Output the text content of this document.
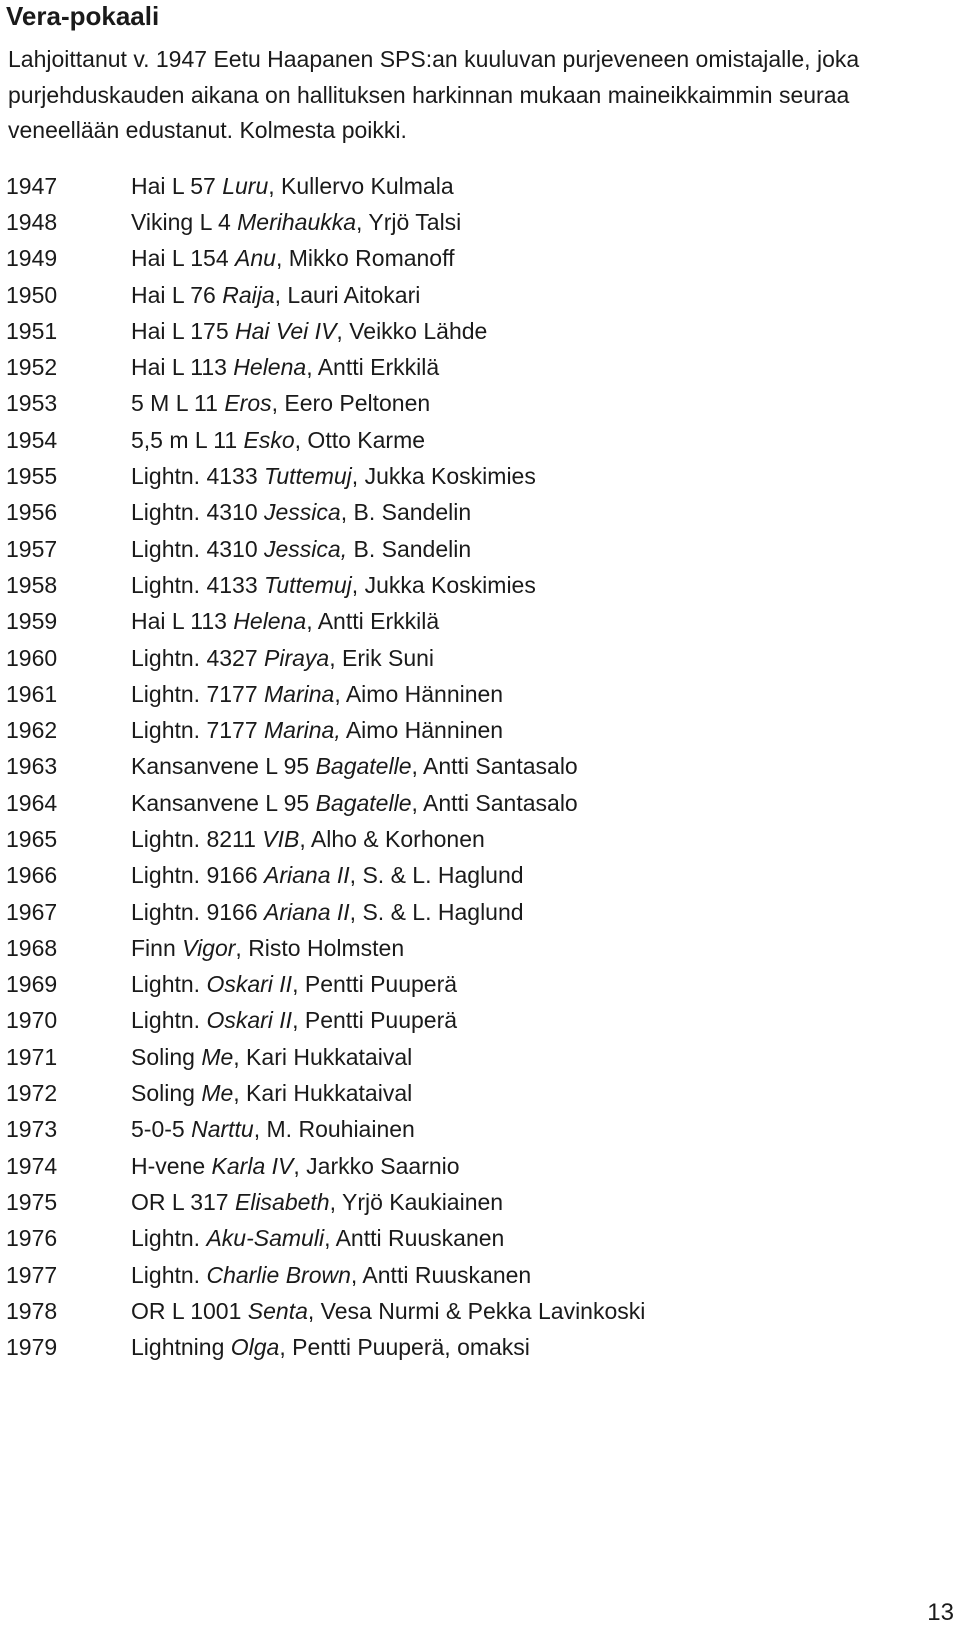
Vera-pokaali

Lahjoittanut v. 1947 Eetu Haapanen SPS:an kuuluvan purjeveneen omistajalle, joka purjehduskauden aikana on hallituksen harkinnan mukaan maineikkaimmin seuraa veneellään edustanut. Kolmesta poikki.

1947	Hai L 57 Luru, Kullervo Kulmala
1948	Viking L 4 Merihaukka, Yrjö Talsi
1949	Hai L 154 Anu, Mikko Romanoff
1950	Hai L 76 Raija, Lauri Aitokari
1951	Hai L 175 Hai Vei IV, Veikko Lähde
1952	Hai L 113 Helena, Antti Erkkilä
1953	5 M L 11 Eros, Eero Peltonen
1954	5,5 m L 11 Esko, Otto Karme
1955	Lightn. 4133 Tuttemuj, Jukka Koskimies
1956	Lightn. 4310 Jessica, B. Sandelin
1957	Lightn. 4310 Jessica, B. Sandelin
1958	Lightn. 4133 Tuttemuj, Jukka Koskimies
1959	Hai L 113 Helena, Antti Erkkilä
1960	Lightn. 4327 Piraya, Erik Suni
1961	Lightn. 7177 Marina, Aimo Hänninen
1962	Lightn. 7177 Marina, Aimo Hänninen
1963	Kansanvene L 95 Bagatelle, Antti Santasalo
1964	Kansanvene L 95 Bagatelle, Antti Santasalo
1965	Lightn. 8211 VIB, Alho & Korhonen
1966	Lightn. 9166 Ariana II, S. & L. Haglund
1967	Lightn. 9166 Ariana II, S. & L. Haglund
1968	Finn Vigor, Risto Holmsten
1969	Lightn. Oskari II, Pentti Puuperä
1970	Lightn. Oskari II, Pentti Puuperä
1971	Soling Me, Kari Hukkataival
1972	Soling Me, Kari Hukkataival
1973	5-0-5 Narttu, M. Rouhiainen
1974	H-vene Karla IV, Jarkko Saarnio
1975	OR L 317 Elisabeth, Yrjö Kaukiainen
1976	Lightn. Aku-Samuli, Antti Ruuskanen
1977	Lightn. Charlie Brown, Antti Ruuskanen
1978	OR L 1001 Senta, Vesa Nurmi & Pekka Lavinkoski
1979	Lightning Olga, Pentti Puuperä, omaksi
13
